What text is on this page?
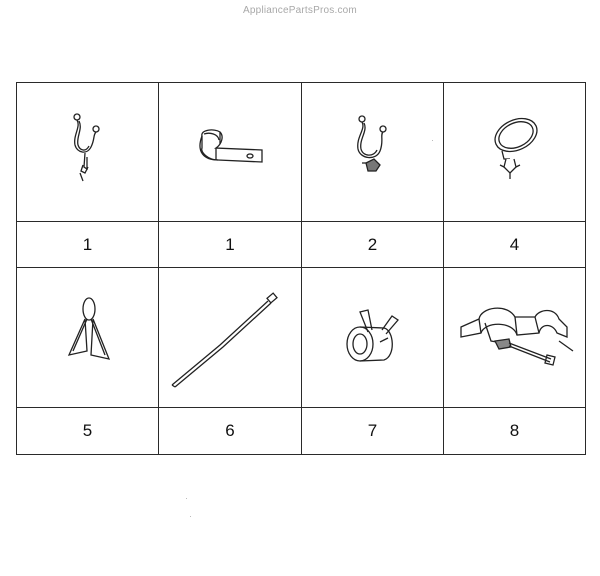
AppliancePartsPros.com
1	1	2	4
5	6	7	8
